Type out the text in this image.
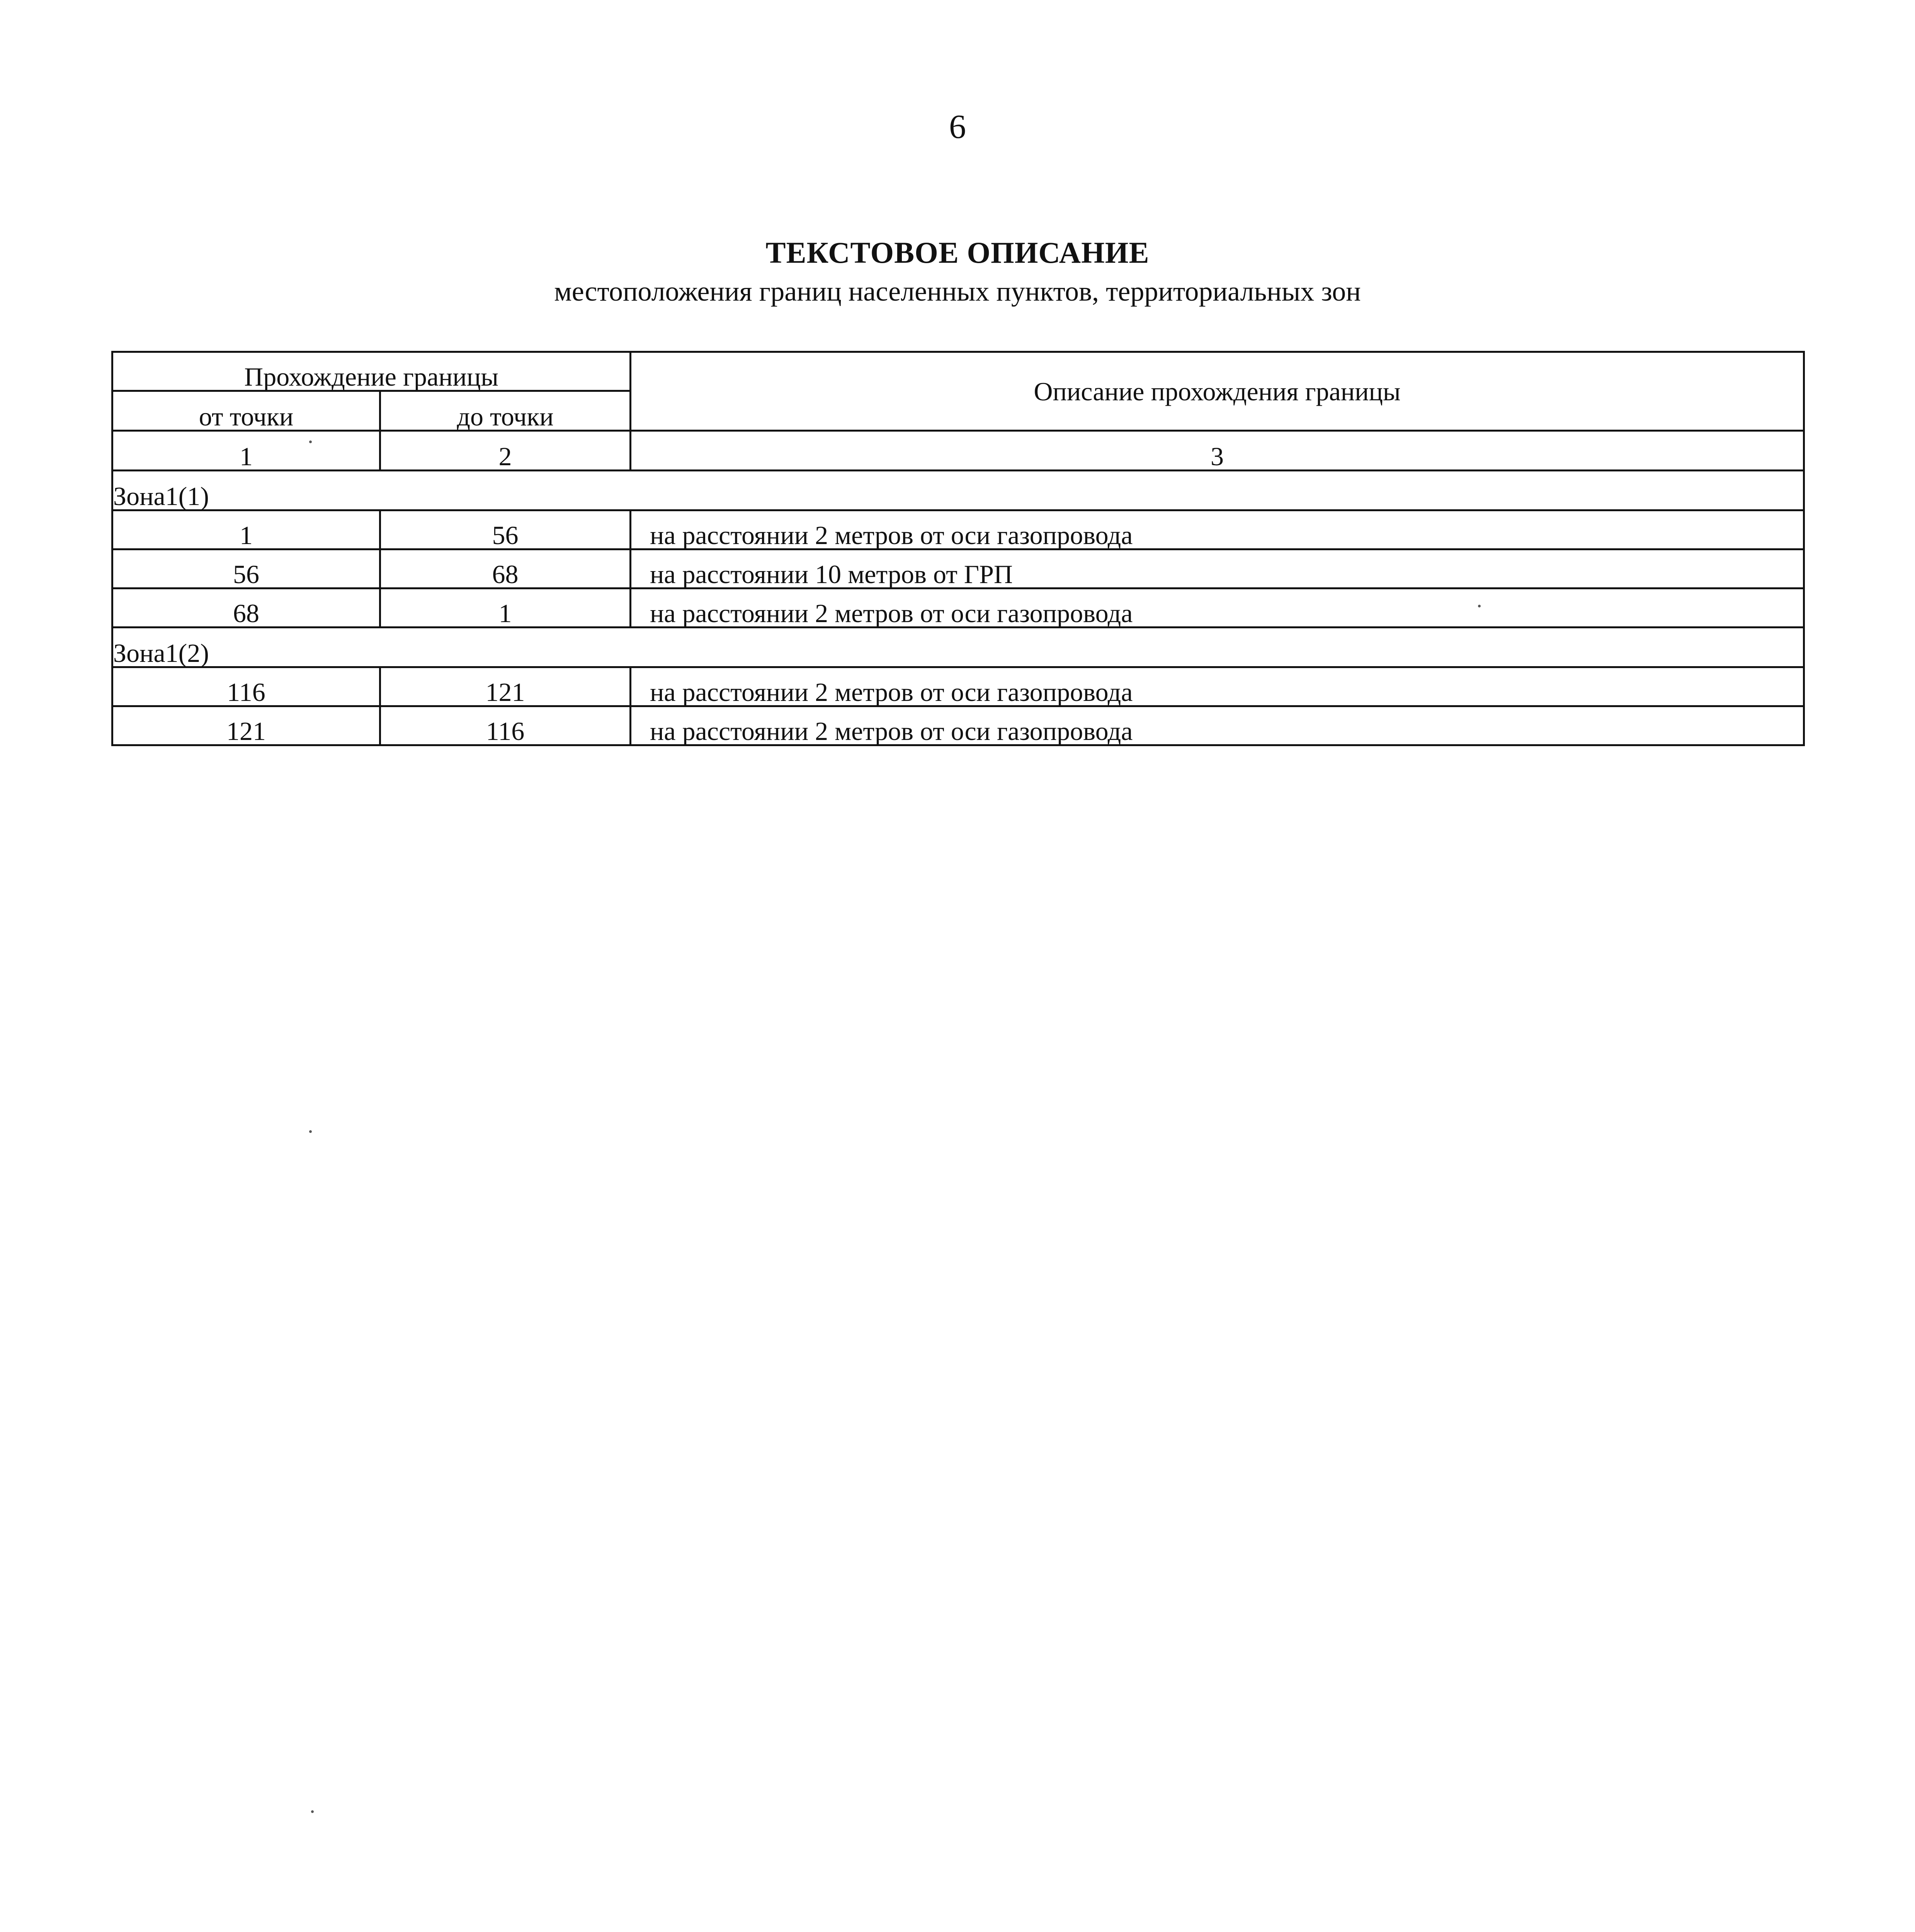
6
ТЕКСТОВОЕ ОПИСАНИЕ
местоположения границ населенных пунктов, территориальных зон
Прохождение границы		Описание прохождения границы
от точки	до точки	
1	2	3
Зона1(1)		
1	56	на расстоянии 2 метров от оси газопровода
56	68	на расстоянии 10 метров от ГРП
68	1	на расстоянии 2 метров от оси газопровода
Зона1(2)		
116	121	на расстоянии 2 метров от оси газопровода
121	116	на расстоянии 2 метров от оси газопровода
